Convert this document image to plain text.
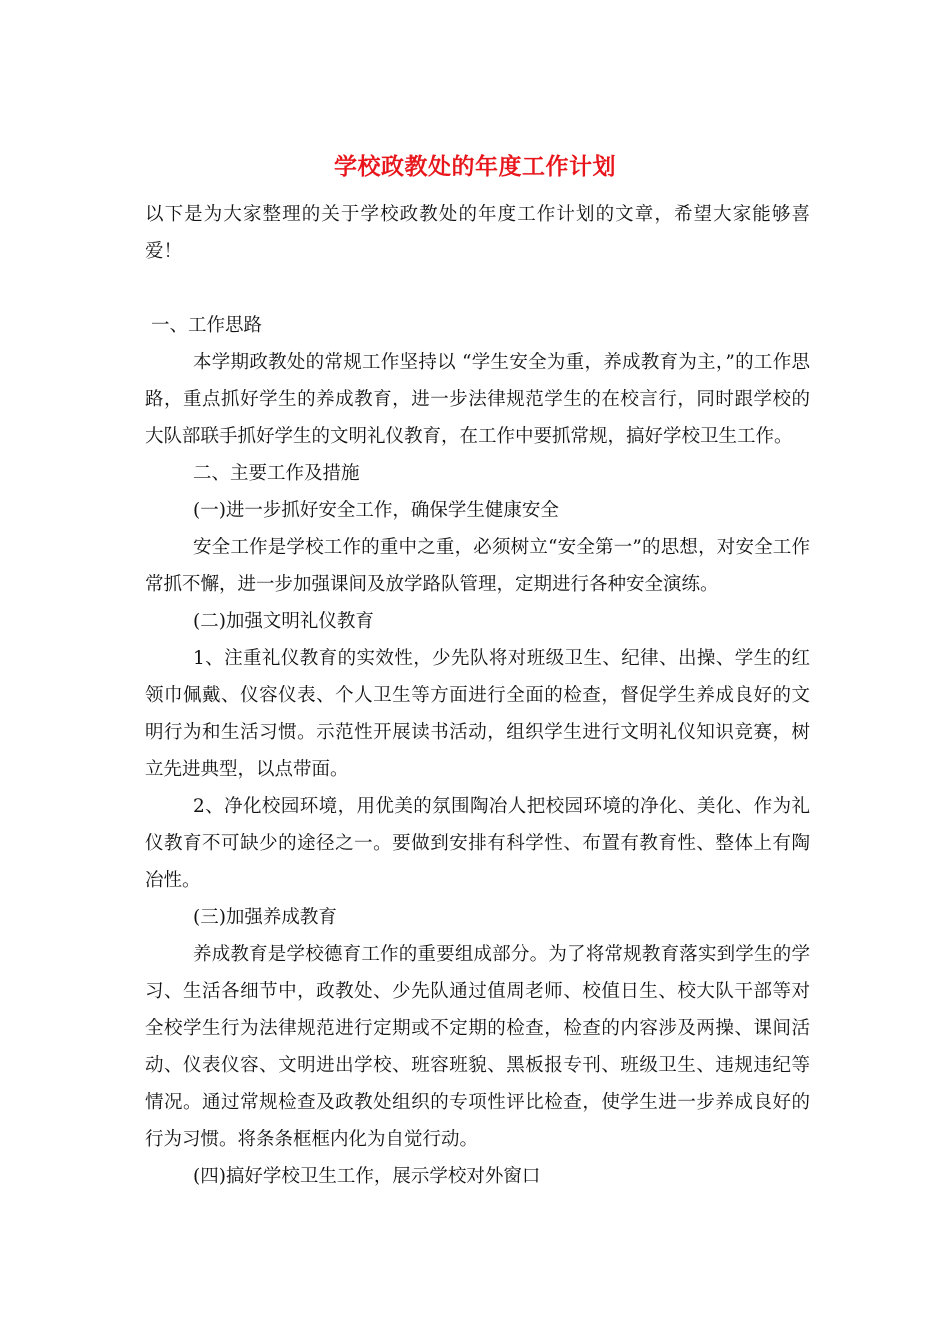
学校政教处的年度工作计划

以下是为大家整理的关于学校政教处的年度工作计划的文章，希望大家能够喜爱！

一、工作思路

本学期政教处的常规工作坚持以 “学生安全为重，养成教育为主，”的工作思路，重点抓好学生的养成教育，进一步法律规范学生的在校言行，同时跟学校的大队部联手抓好学生的文明礼仪教育，在工作中要抓常规，搞好学校卫生工作。

二、主要工作及措施

(一)进一步抓好安全工作，确保学生健康安全

安全工作是学校工作的重中之重，必须树立“安全第一”的思想，对安全工作常抓不懈，进一步加强课间及放学路队管理，定期进行各种安全演练。

(二)加强文明礼仪教育

1、注重礼仪教育的实效性，少先队将对班级卫生、纪律、出操、学生的红领巾佩戴、仪容仪表、个人卫生等方面进行全面的检查，督促学生养成良好的文明行为和生活习惯。示范性开展读书活动，组织学生进行文明礼仪知识竞赛，树立先进典型，以点带面。

2、净化校园环境，用优美的氛围陶冶人把校园环境的净化、美化、作为礼仪教育不可缺少的途径之一。要做到安排有科学性、布置有教育性、整体上有陶冶性。

(三)加强养成教育

养成教育是学校德育工作的重要组成部分。为了将常规教育落实到学生的学习、生活各细节中，政教处、少先队通过值周老师、校值日生、校大队干部等对全校学生行为法律规范进行定期或不定期的检查，检查的内容涉及两操、课间活动、仪表仪容、文明进出学校、班容班貌、黑板报专刊、班级卫生、违规违纪等情况。通过常规检查及政教处组织的专项性评比检查，使学生进一步养成良好的行为习惯。将条条框框内化为自觉行动。

(四)搞好学校卫生工作，展示学校对外窗口
